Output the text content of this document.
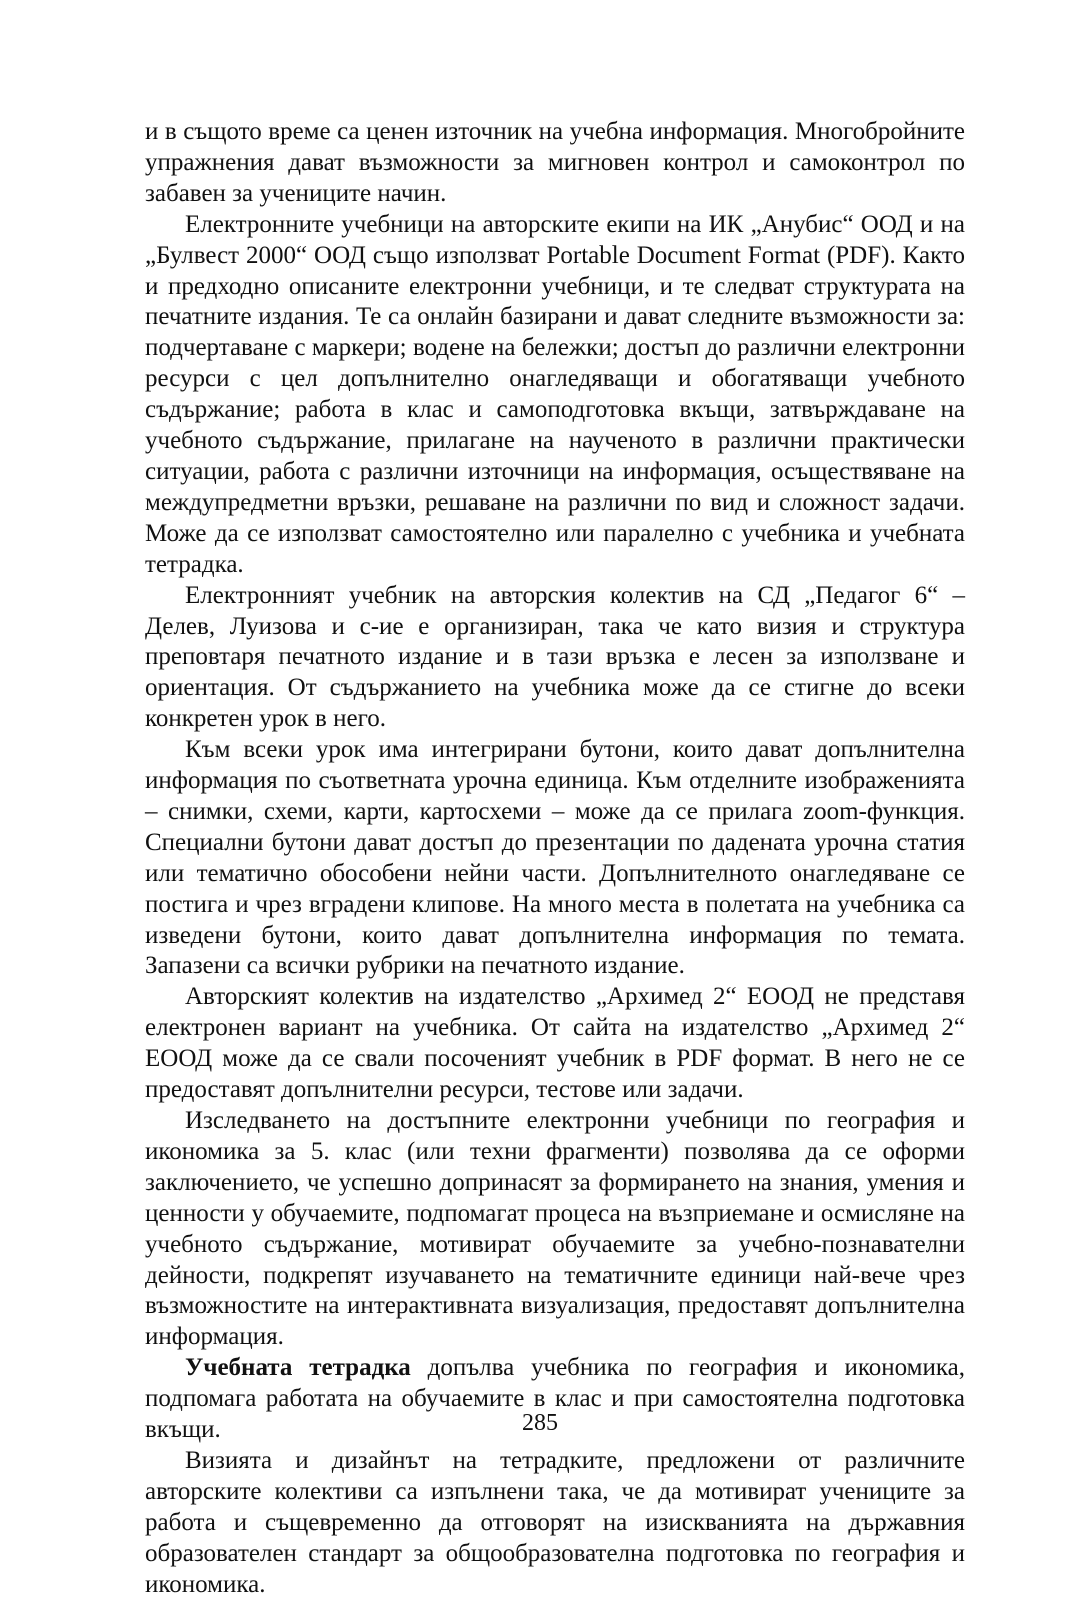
и в същото време са ценен източник на учебна информация. Многобройните упражнения дават възможности за мигновен контрол и самоконтрол по забавен за учениците начин.

Електронните учебници на авторските екипи на ИК „Анубис“ ООД и на „Булвест 2000“ ООД също използват Portable Document Format (PDF). Както и предходно описаните електронни учебници, и те следват структурата на печатните издания. Те са онлайн базирани и дават следните възможности за: подчертаване с маркери; водене на бележки; достъп до различни електронни ресурси с цел допълнително онагледяващи и обогатяващи учебното съдържание; работа в клас и самоподготовка вкъщи, затвърждаване на учебното съдържание, прилагане на наученото в различни практически ситуации, работа с различни източници на информация, осъществяване на междупредметни връзки, решаване на различни по вид и сложност задачи. Може да се използват самостоятелно или паралелно с учебника и учебната тетрадка.

Електронният учебник на авторския колектив на СД „Педагог 6“ – Делев, Луизова и с-ие е организиран, така че като визия и структура преповтаря печатното издание и в тази връзка е лесен за използване и ориентация. От съдържанието на учебника може да се стигне до всеки конкретен урок в него.

Към всеки урок има интегрирани бутони, които дават допълнителна информация по съответната урочна единица. Към отделните изображенията – снимки, схеми, карти, картосхеми – може да се прилага zoom-функция. Специални бутони дават достъп до презентации по дадената урочна статия или тематично обособени нейни части. Допълнителното онагледяване се постига и чрез вградени клипове. На много места в полетата на учебника са изведени бутони, които дават допълнителна информация по темата. Запазени са всички рубрики на печатното издание.

Авторският колектив на издателство „Архимед 2“ ЕООД не представя електронен вариант на учебника. От сайта на издателство „Архимед 2“ ЕООД може да се свали посоченият учебник в PDF формат. В него не се предоставят допълнителни ресурси, тестове или задачи.

Изследването на достъпните електронни учебници по география и икономика за 5. клас (или техни фрагменти) позволява да се оформи заключението, че успешно допринасят за формирането на знания, умения и ценности у обучаемите, подпомагат процеса на възприемане и осмисляне на учебното съдържание, мотивират обучаемите за учебно-познавателни дейности, подкрепят изучаването на тематичните единици най-вече чрез възможностите на интерактивната визуализация, предоставят допълнителна информация.

Учебната тетрадка допълва учебника по география и икономика, подпомага работата на обучаемите в клас и при самостоятелна подготовка вкъщи.

Визията и дизайнът на тетрадките, предложени от различните авторските колективи са изпълнени така, че да мотивират учениците за работа и същевременно да отговорят на изискванията на държавния образователен стандарт за общообразователна подготовка по география и икономика.

285
